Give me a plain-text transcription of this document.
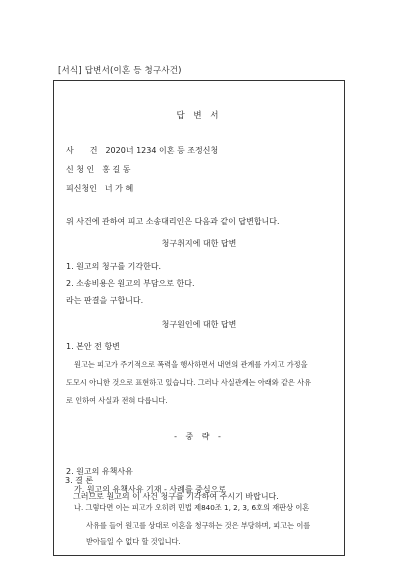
[서식] 답변서(이혼 등 청구사건)
답 변 서
사　　건　2020너 1234 이혼 등 조정신청
신 청 인　홍 길 동
피신청인　너 가 혜
위 사건에 관하여 피고 소송대리인은 다음과 같이 답변합니다.
청구취지에 대한 답변
1. 원고의 청구를 기각한다.
2. 소송비용은 원고의 부담으로 한다.
라는 판결을 구합니다.
청구원인에 대한 답변
1. 본안 전 항변
원고는 피고가 주기적으로 폭력을 행사하면서 내연의 관계를 가지고 가정을
도모시 아니한 것으로 표현하고 있습니다. 그러나 사실관계는 아래와 같은 사유
로 인하여 사실과 전혀 다릅니다.
- 중 략 -
2. 원고의 유책사유
가. 원고의 유책사유 기재 - 사례를 중심으로
나. 그렇다면 이는 피고가 오히려 민법 제840조 1, 2, 3, 6호의 재판상 이혼
사유를 들어 원고를 상대로 이혼을 청구하는 것은 부당하며, 피고는 이를
받아들일 수 없다 할 것입니다.
3. 결 론
그러므로 원고의 이 사건 청구를 기각하여 주시기 바랍니다.
